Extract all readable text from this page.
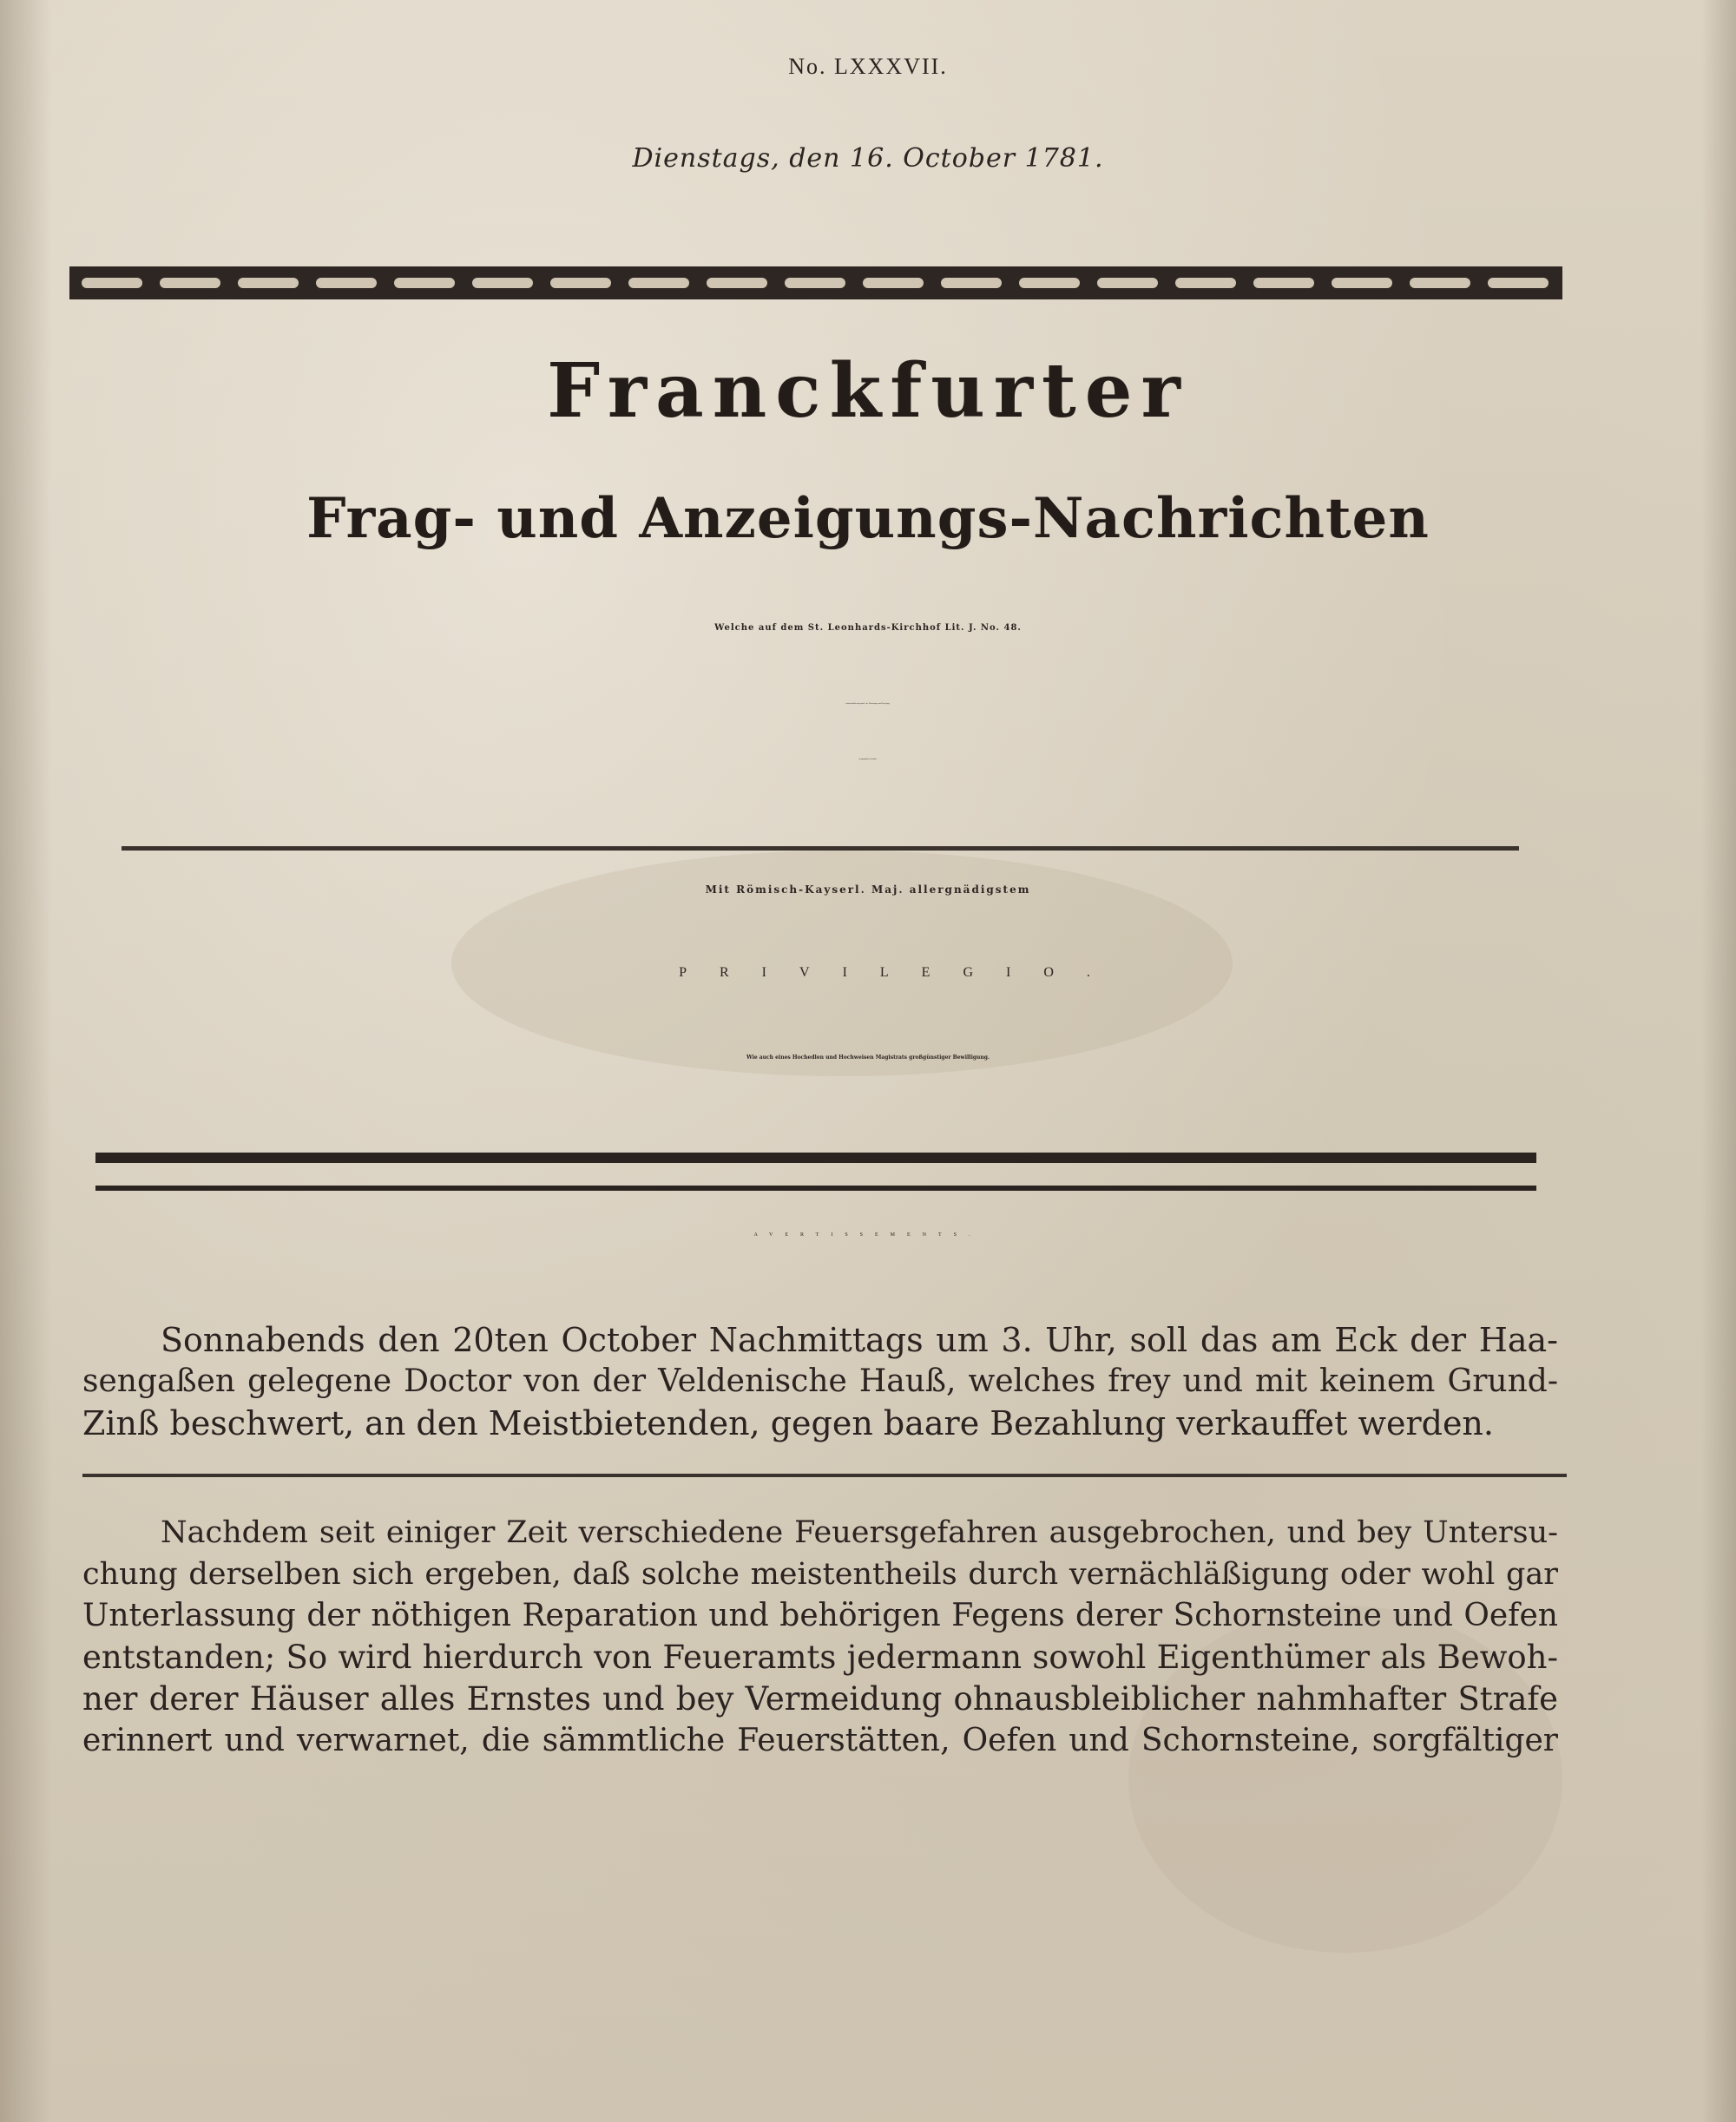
No. LXXXVII.
Dienstags, den 16. October 1781.
Franckfurter
Frag- und Anzeigungs-Nachrichten
Welche auf dem St. Leonhards-Kirchhof Lit. J. No. 48.
wöchentlich zweymal, als Dienstags und Freytags,
ausgegeben werden.
Mit Römisch-Kayserl. Maj. allergnädigstem
PRIVILEGIO.
Wie auch eines Hochedlen und Hochweisen Magistrats großgünstiger Bewilligung.
AVERTISSEMENTS.
Sonnabends den 20ten October Nachmittags um 3. Uhr, soll das am Eck der Haa-
sengaßen gelegene Doctor von der Veldenische Hauß, welches frey und mit keinem Grund-
Zinß beschwert, an den Meistbietenden, gegen baare Bezahlung verkauffet werden.
Nachdem seit einiger Zeit verschiedene Feuersgefahren ausgebrochen, und bey Untersu-
chung derselben sich ergeben, daß solche meistentheils durch vernächläßigung oder wohl gar
Unterlassung der nöthigen Reparation und behörigen Fegens derer Schornsteine und Oefen
entstanden; So wird hierdurch von Feueramts jedermann sowohl Eigenthümer als Bewoh-
ner derer Häuser alles Ernstes und bey Vermeidung ohnausbleiblicher nahmhafter Strafe
erinnert und verwarnet, die sämmtliche Feuerstätten, Oefen und Schornsteine, sorgfältiger
